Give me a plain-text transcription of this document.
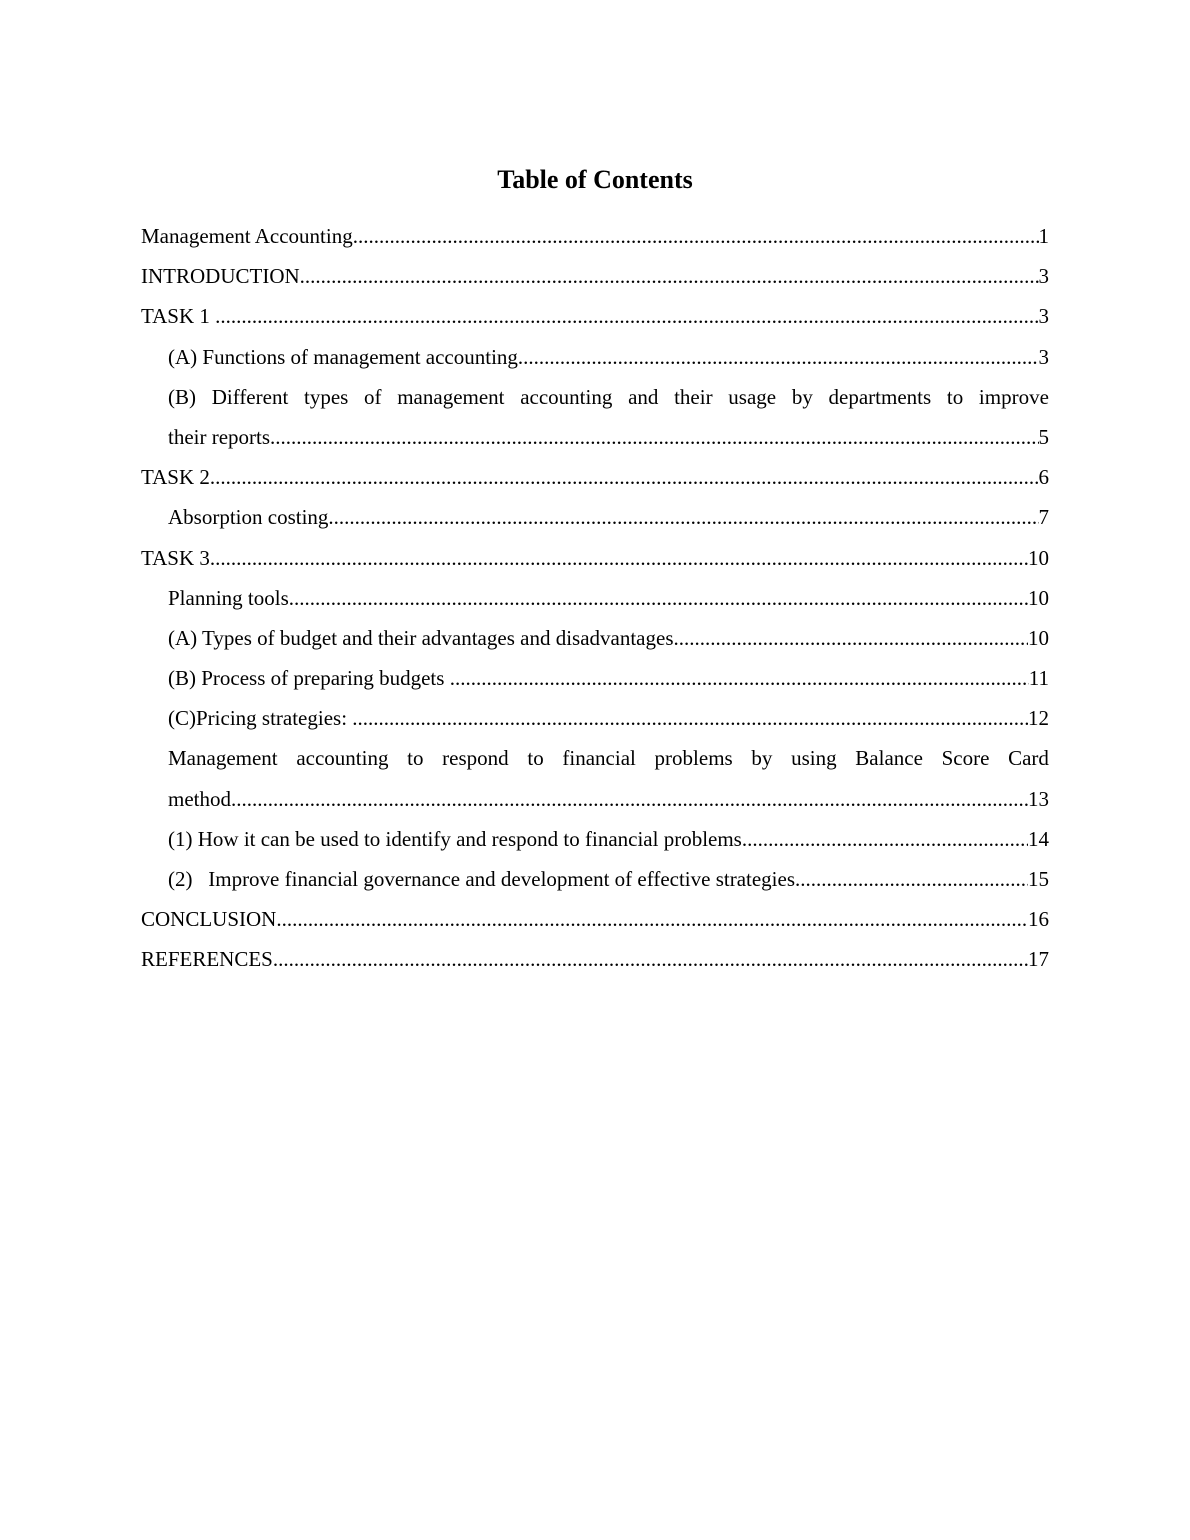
Table of Contents
Management Accounting .....	1
INTRODUCTION .....	3
TASK 1 .....	3
(A) Functions of management accounting .....	3
(B) Different types of management accounting and their usage by departments to improve
their reports .....	5
TASK 2 .....	6
Absorption costing .....	7
TASK 3 .....	10
Planning tools .....	10
(A) Types of budget and their advantages and disadvantages .....	10
(B) Process of preparing budgets .....	11
(C)Pricing strategies: .....	12
Management accounting to respond to financial problems by using Balance Score Card
method .....	13
(1) How it can be used to identify and respond to financial problems. .....	14
(2)   Improve financial governance and development of effective strategies .....	15
CONCLUSION .....	16
REFERENCES .....	17
